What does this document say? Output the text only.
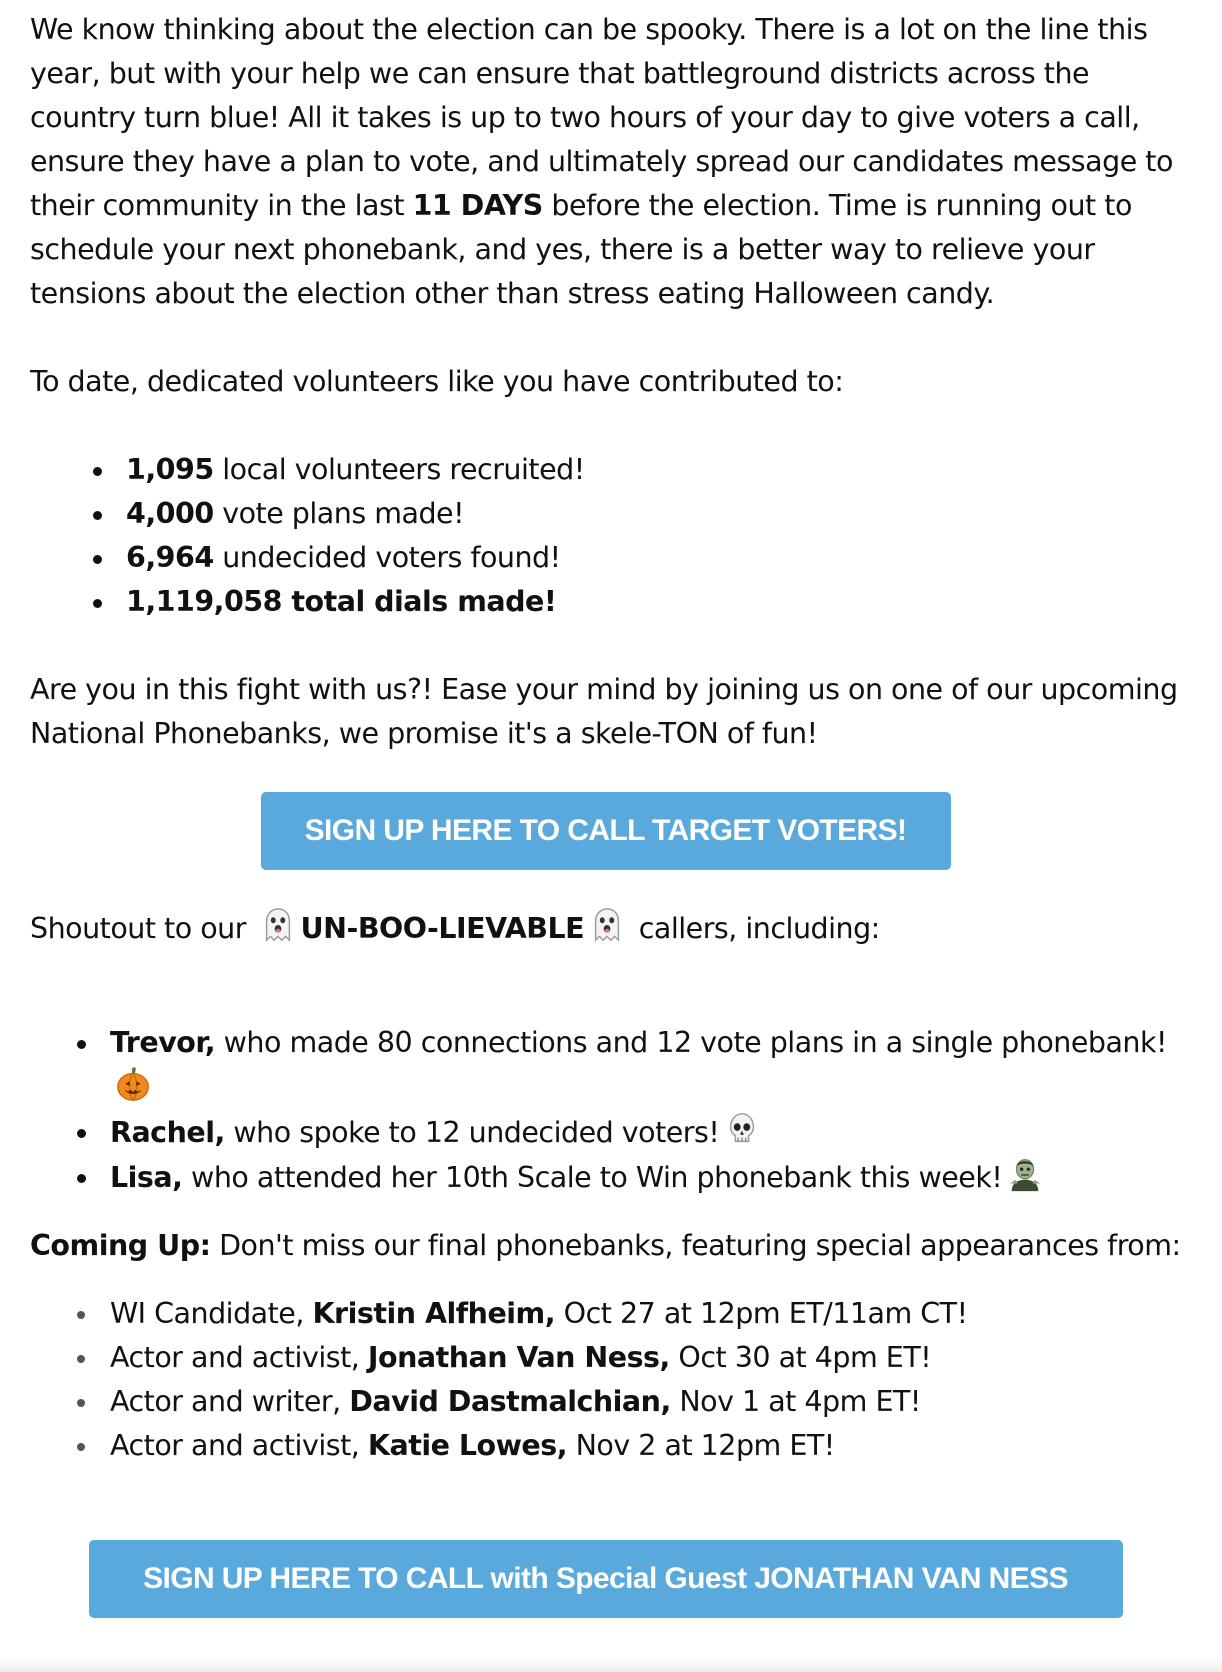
We know thinking about the election can be spooky. There is a lot on the line this year, but with your help we can ensure that battleground districts across the country turn blue! All it takes is up to two hours of your day to give voters a call, ensure they have a plan to vote, and ultimately spread our candidates message to their community in the last 11 DAYS before the election. Time is running out to schedule your next phonebank, and yes, there is a better way to relieve your tensions about the election other than stress eating Halloween candy.

To date, dedicated volunteers like you have contributed to:

1,095 local volunteers recruited!
4,000 vote plans made!
6,964 undecided voters found!
1,119,058 total dials made!

Are you in this fight with us?! Ease your mind by joining us on one of our upcoming National Phonebanks, we promise it's a skele-TON of fun!

SIGN UP HERE TO CALL TARGET VOTERS!

Shoutout to our
UN-BOO-LIEVABLE
callers, including:

Trevor, who made 80 connections and 12 vote plans in a single phonebank!
Rachel, who spoke to 12 undecided voters!
Lisa, who attended her 10th Scale to Win phonebank this week!

Coming Up: Don't miss our final phonebanks, featuring special appearances from:

WI Candidate, Kristin Alfheim, Oct 27 at 12pm ET/11am CT!
Actor and activist, Jonathan Van Ness, Oct 30 at 4pm ET!
Actor and writer, David Dastmalchian, Nov 1 at 4pm ET!
Actor and activist, Katie Lowes, Nov 2 at 12pm ET!
SIGN UP HERE TO CALL with Special Guest JONATHAN VAN NESS
